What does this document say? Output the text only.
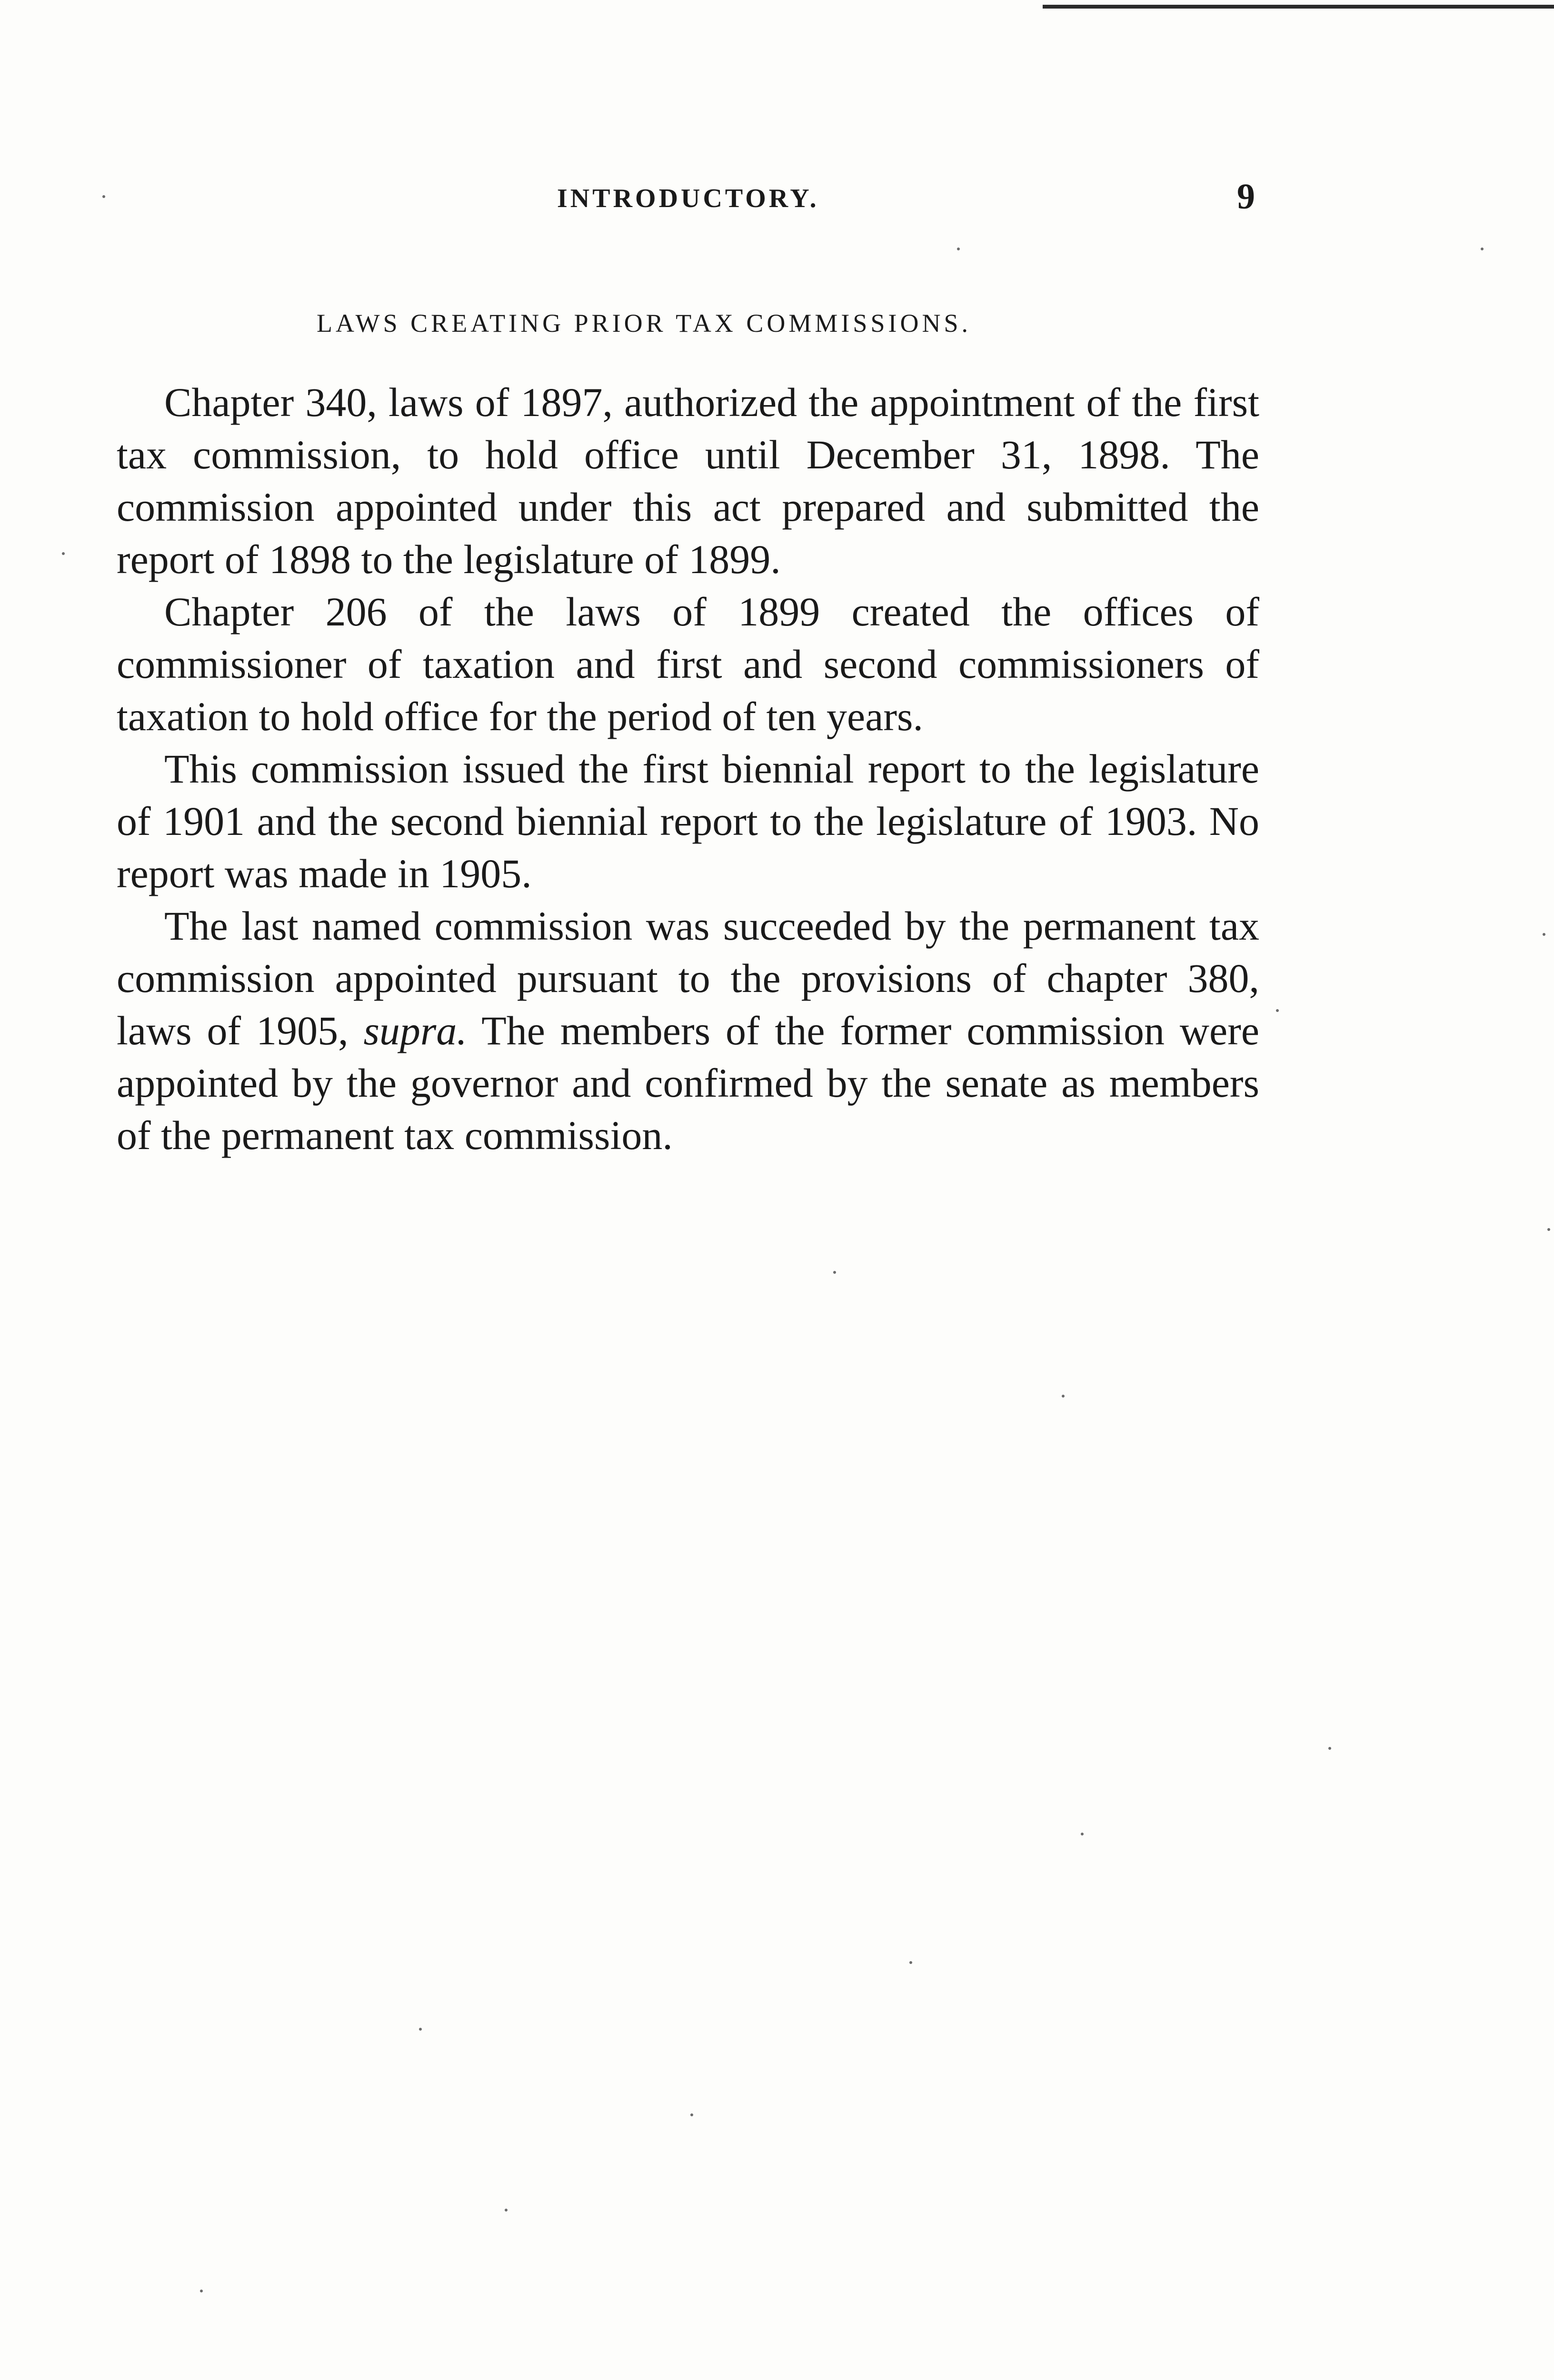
INTRODUCTORY.	9
LAWS CREATING PRIOR TAX COMMISSIONS.

Chapter 340, laws of 1897, authorized the appointment of the first tax commission, to hold office until December 31, 1898. The commission appointed under this act prepared and submitted the report of 1898 to the legislature of 1899.

Chapter 206 of the laws of 1899 created the offices of commissioner of taxation and first and second commissioners of taxation to hold office for the period of ten years.

This commission issued the first biennial report to the legislature of 1901 and the second biennial report to the legislature of 1903. No report was made in 1905.

The last named commission was succeeded by the permanent tax commission appointed pursuant to the provisions of chapter 380, laws of 1905, supra. The members of the former commission were appointed by the governor and confirmed by the senate as members of the permanent tax commission.
